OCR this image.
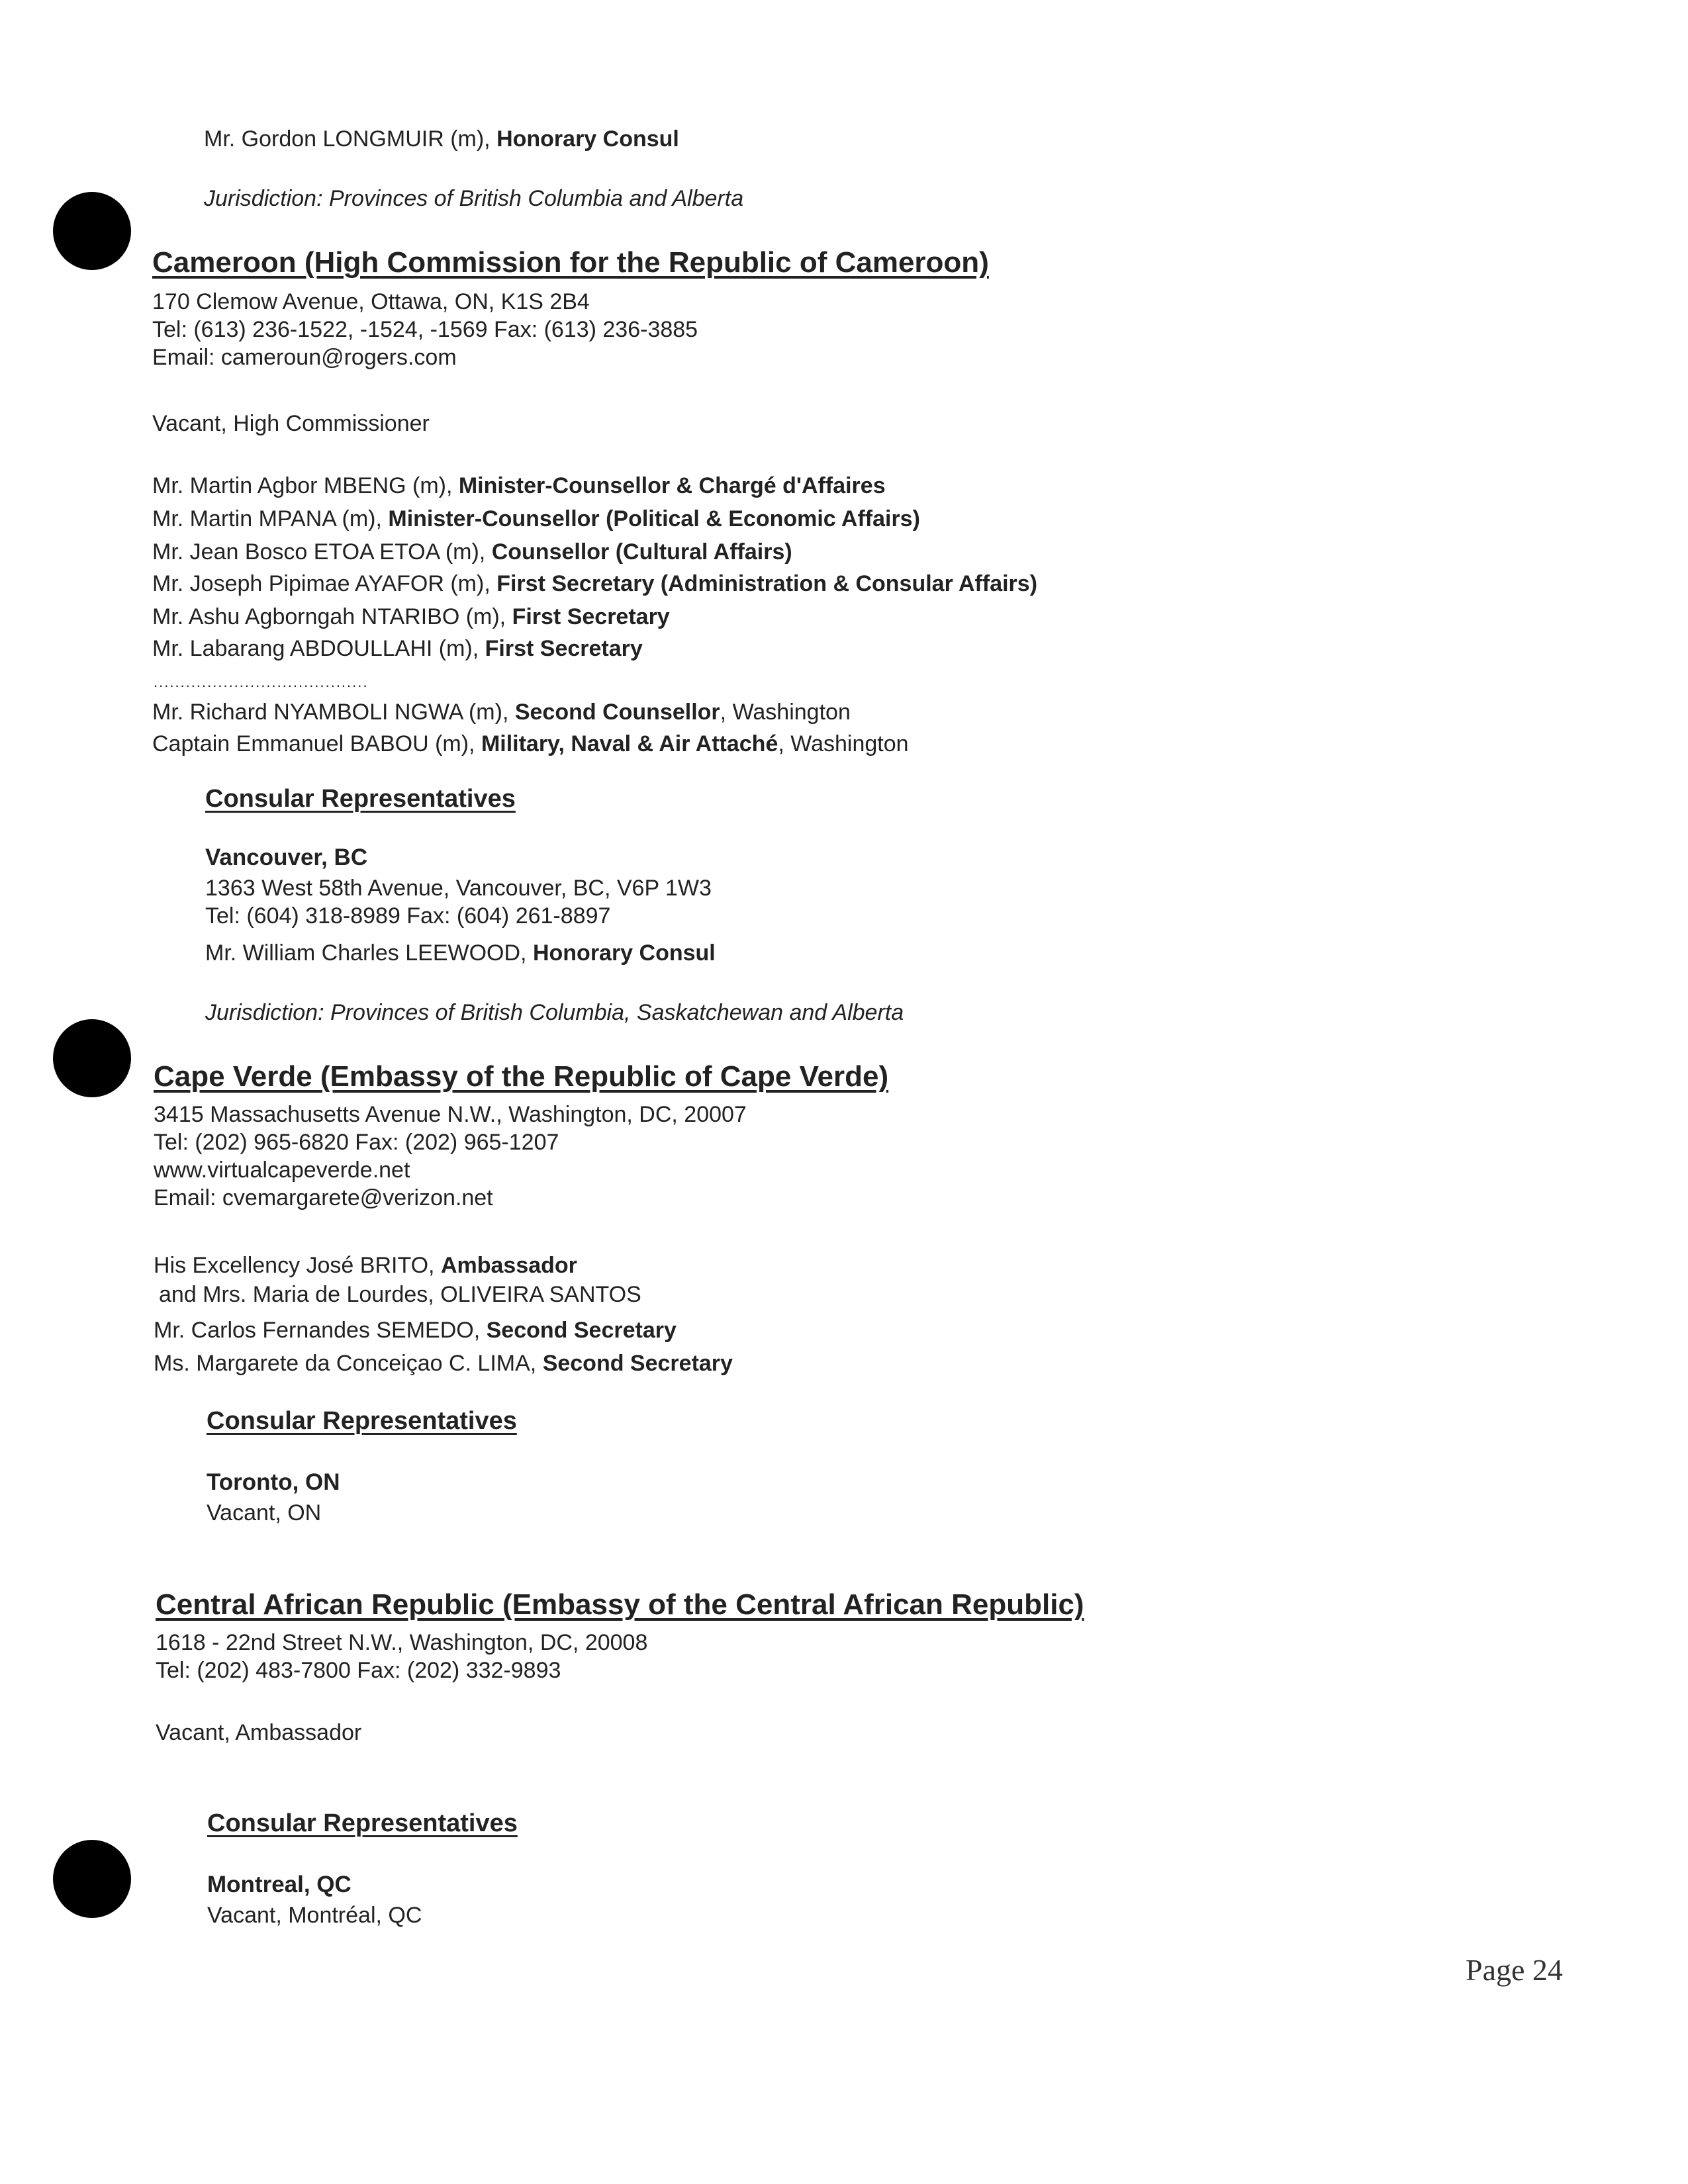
Mr. Gordon LONGMUIR (m), Honorary Consul
Jurisdiction: Provinces of British Columbia and Alberta
Cameroon (High Commission for the Republic of Cameroon)
170 Clemow Avenue, Ottawa, ON, K1S 2B4
Tel: (613) 236-1522, -1524, -1569 Fax: (613) 236-3885
Email: cameroun@rogers.com
Vacant, High Commissioner
Mr. Martin Agbor MBENG (m), Minister-Counsellor & Chargé d'Affaires
Mr. Martin MPANA (m), Minister-Counsellor (Political & Economic Affairs)
Mr. Jean Bosco ETOA ETOA (m), Counsellor (Cultural Affairs)
Mr. Joseph Pipimae AYAFOR (m), First Secretary (Administration & Consular Affairs)
Mr. Ashu Agborngah NTARIBO (m), First Secretary
Mr. Labarang ABDOULLAHI (m), First Secretary
........................................
Mr. Richard NYAMBOLI NGWA (m), Second Counsellor, Washington
Captain Emmanuel BABOU (m), Military, Naval & Air Attaché, Washington
Consular Representatives
Vancouver, BC
1363 West 58th Avenue, Vancouver, BC, V6P 1W3
Tel: (604) 318-8989 Fax: (604) 261-8897
Mr. William Charles LEEWOOD, Honorary Consul
Jurisdiction: Provinces of British Columbia, Saskatchewan and Alberta
Cape Verde (Embassy of the Republic of Cape Verde)
3415 Massachusetts Avenue N.W., Washington, DC, 20007
Tel: (202) 965-6820 Fax: (202) 965-1207
www.virtualcapeverde.net
Email: cvemargarete@verizon.net
His Excellency José BRITO, Ambassador
and Mrs. Maria de Lourdes, OLIVEIRA SANTOS
Mr. Carlos Fernandes SEMEDO, Second Secretary
Ms. Margarete da Conceiçao C. LIMA, Second Secretary
Consular Representatives
Toronto, ON
Vacant, ON
Central African Republic (Embassy of the Central African Republic)
1618 - 22nd Street N.W., Washington, DC, 20008
Tel: (202) 483-7800 Fax: (202) 332-9893
Vacant, Ambassador
Consular Representatives
Montreal, QC
Vacant, Montréal, QC
Page 24
